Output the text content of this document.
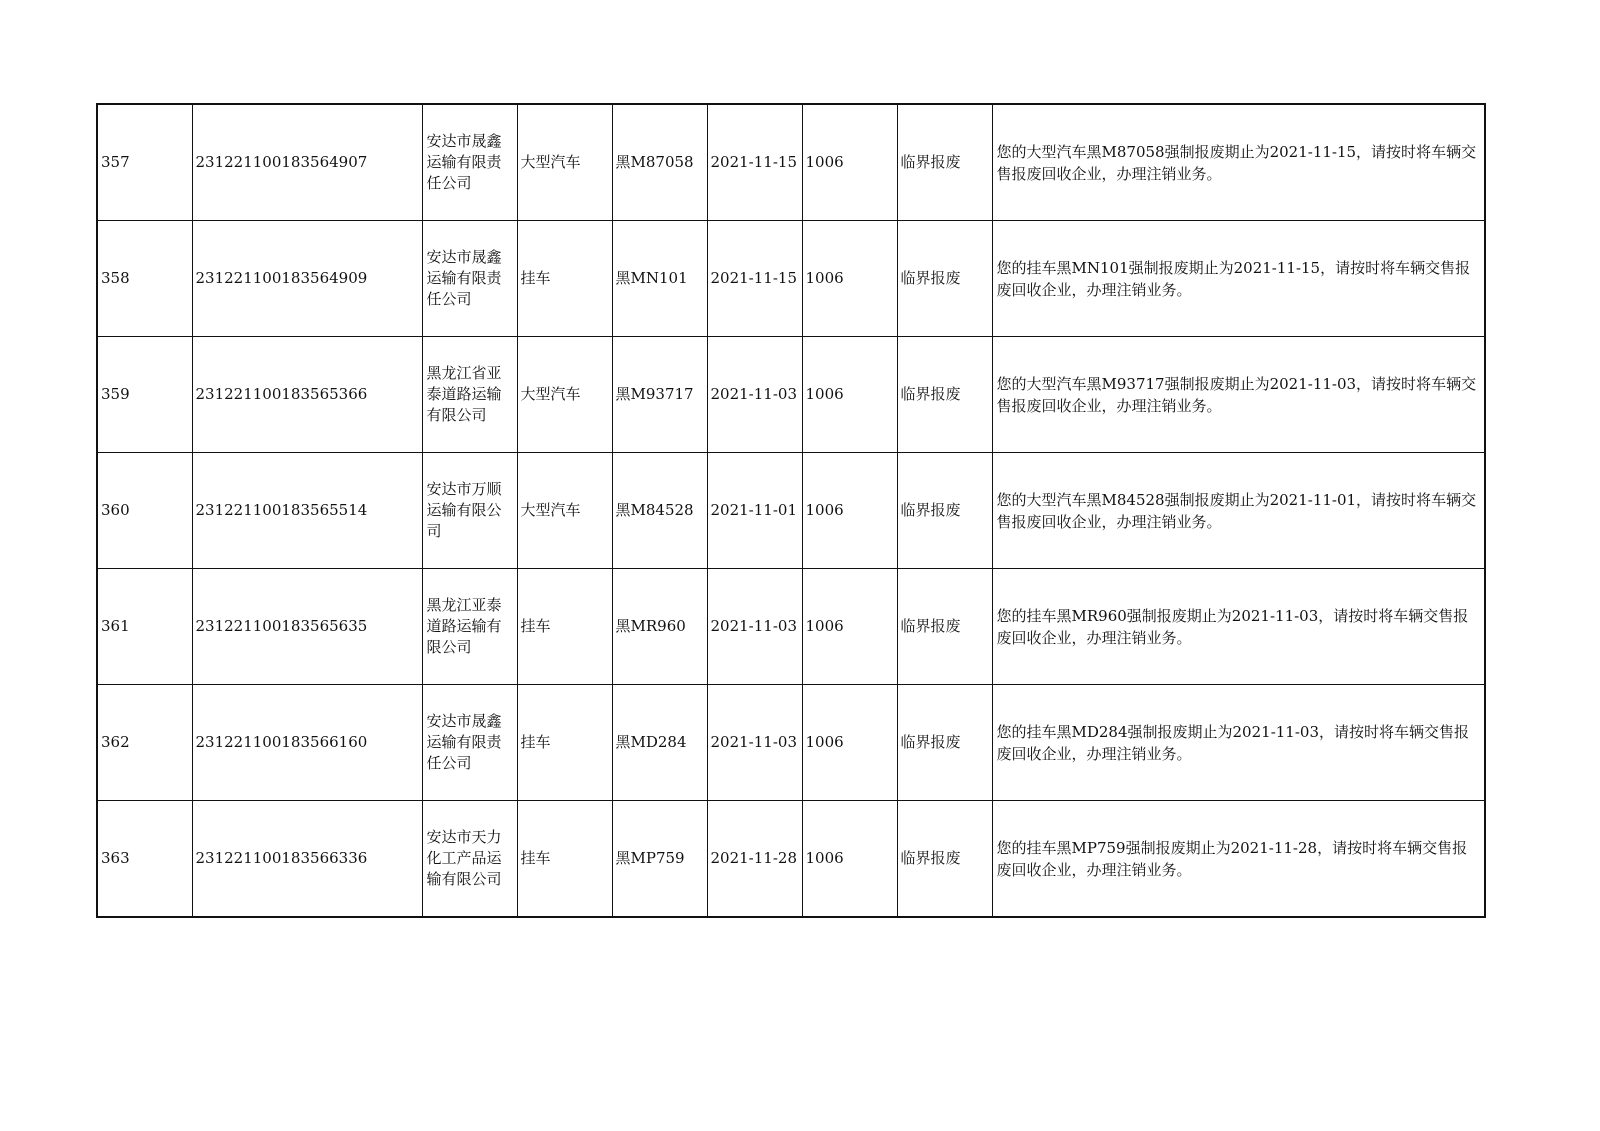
357	231221100183564907	安达市晟鑫运输有限责任公司	大型汽车	黑M87058	2021-11-15	1006	临界报废	您的大型汽车黑M87058强制报废期止为2021-11-15，请按时将车辆交售报废回收企业，办理注销业务。
358	231221100183564909	安达市晟鑫运输有限责任公司	挂车	黑MN101	2021-11-15	1006	临界报废	您的挂车黑MN101强制报废期止为2021-11-15，请按时将车辆交售报废回收企业，办理注销业务。
359	231221100183565366	黑龙江省亚泰道路运输有限公司	大型汽车	黑M93717	2021-11-03	1006	临界报废	您的大型汽车黑M93717强制报废期止为2021-11-03，请按时将车辆交售报废回收企业，办理注销业务。
360	231221100183565514	安达市万顺运输有限公司	大型汽车	黑M84528	2021-11-01	1006	临界报废	您的大型汽车黑M84528强制报废期止为2021-11-01，请按时将车辆交售报废回收企业，办理注销业务。
361	231221100183565635	黑龙江亚泰道路运输有限公司	挂车	黑MR960	2021-11-03	1006	临界报废	您的挂车黑MR960强制报废期止为2021-11-03，请按时将车辆交售报废回收企业，办理注销业务。
362	231221100183566160	安达市晟鑫运输有限责任公司	挂车	黑MD284	2021-11-03	1006	临界报废	您的挂车黑MD284强制报废期止为2021-11-03，请按时将车辆交售报废回收企业，办理注销业务。
363	231221100183566336	安达市天力化工产品运输有限公司	挂车	黑MP759	2021-11-28	1006	临界报废	您的挂车黑MP759强制报废期止为2021-11-28，请按时将车辆交售报废回收企业，办理注销业务。
